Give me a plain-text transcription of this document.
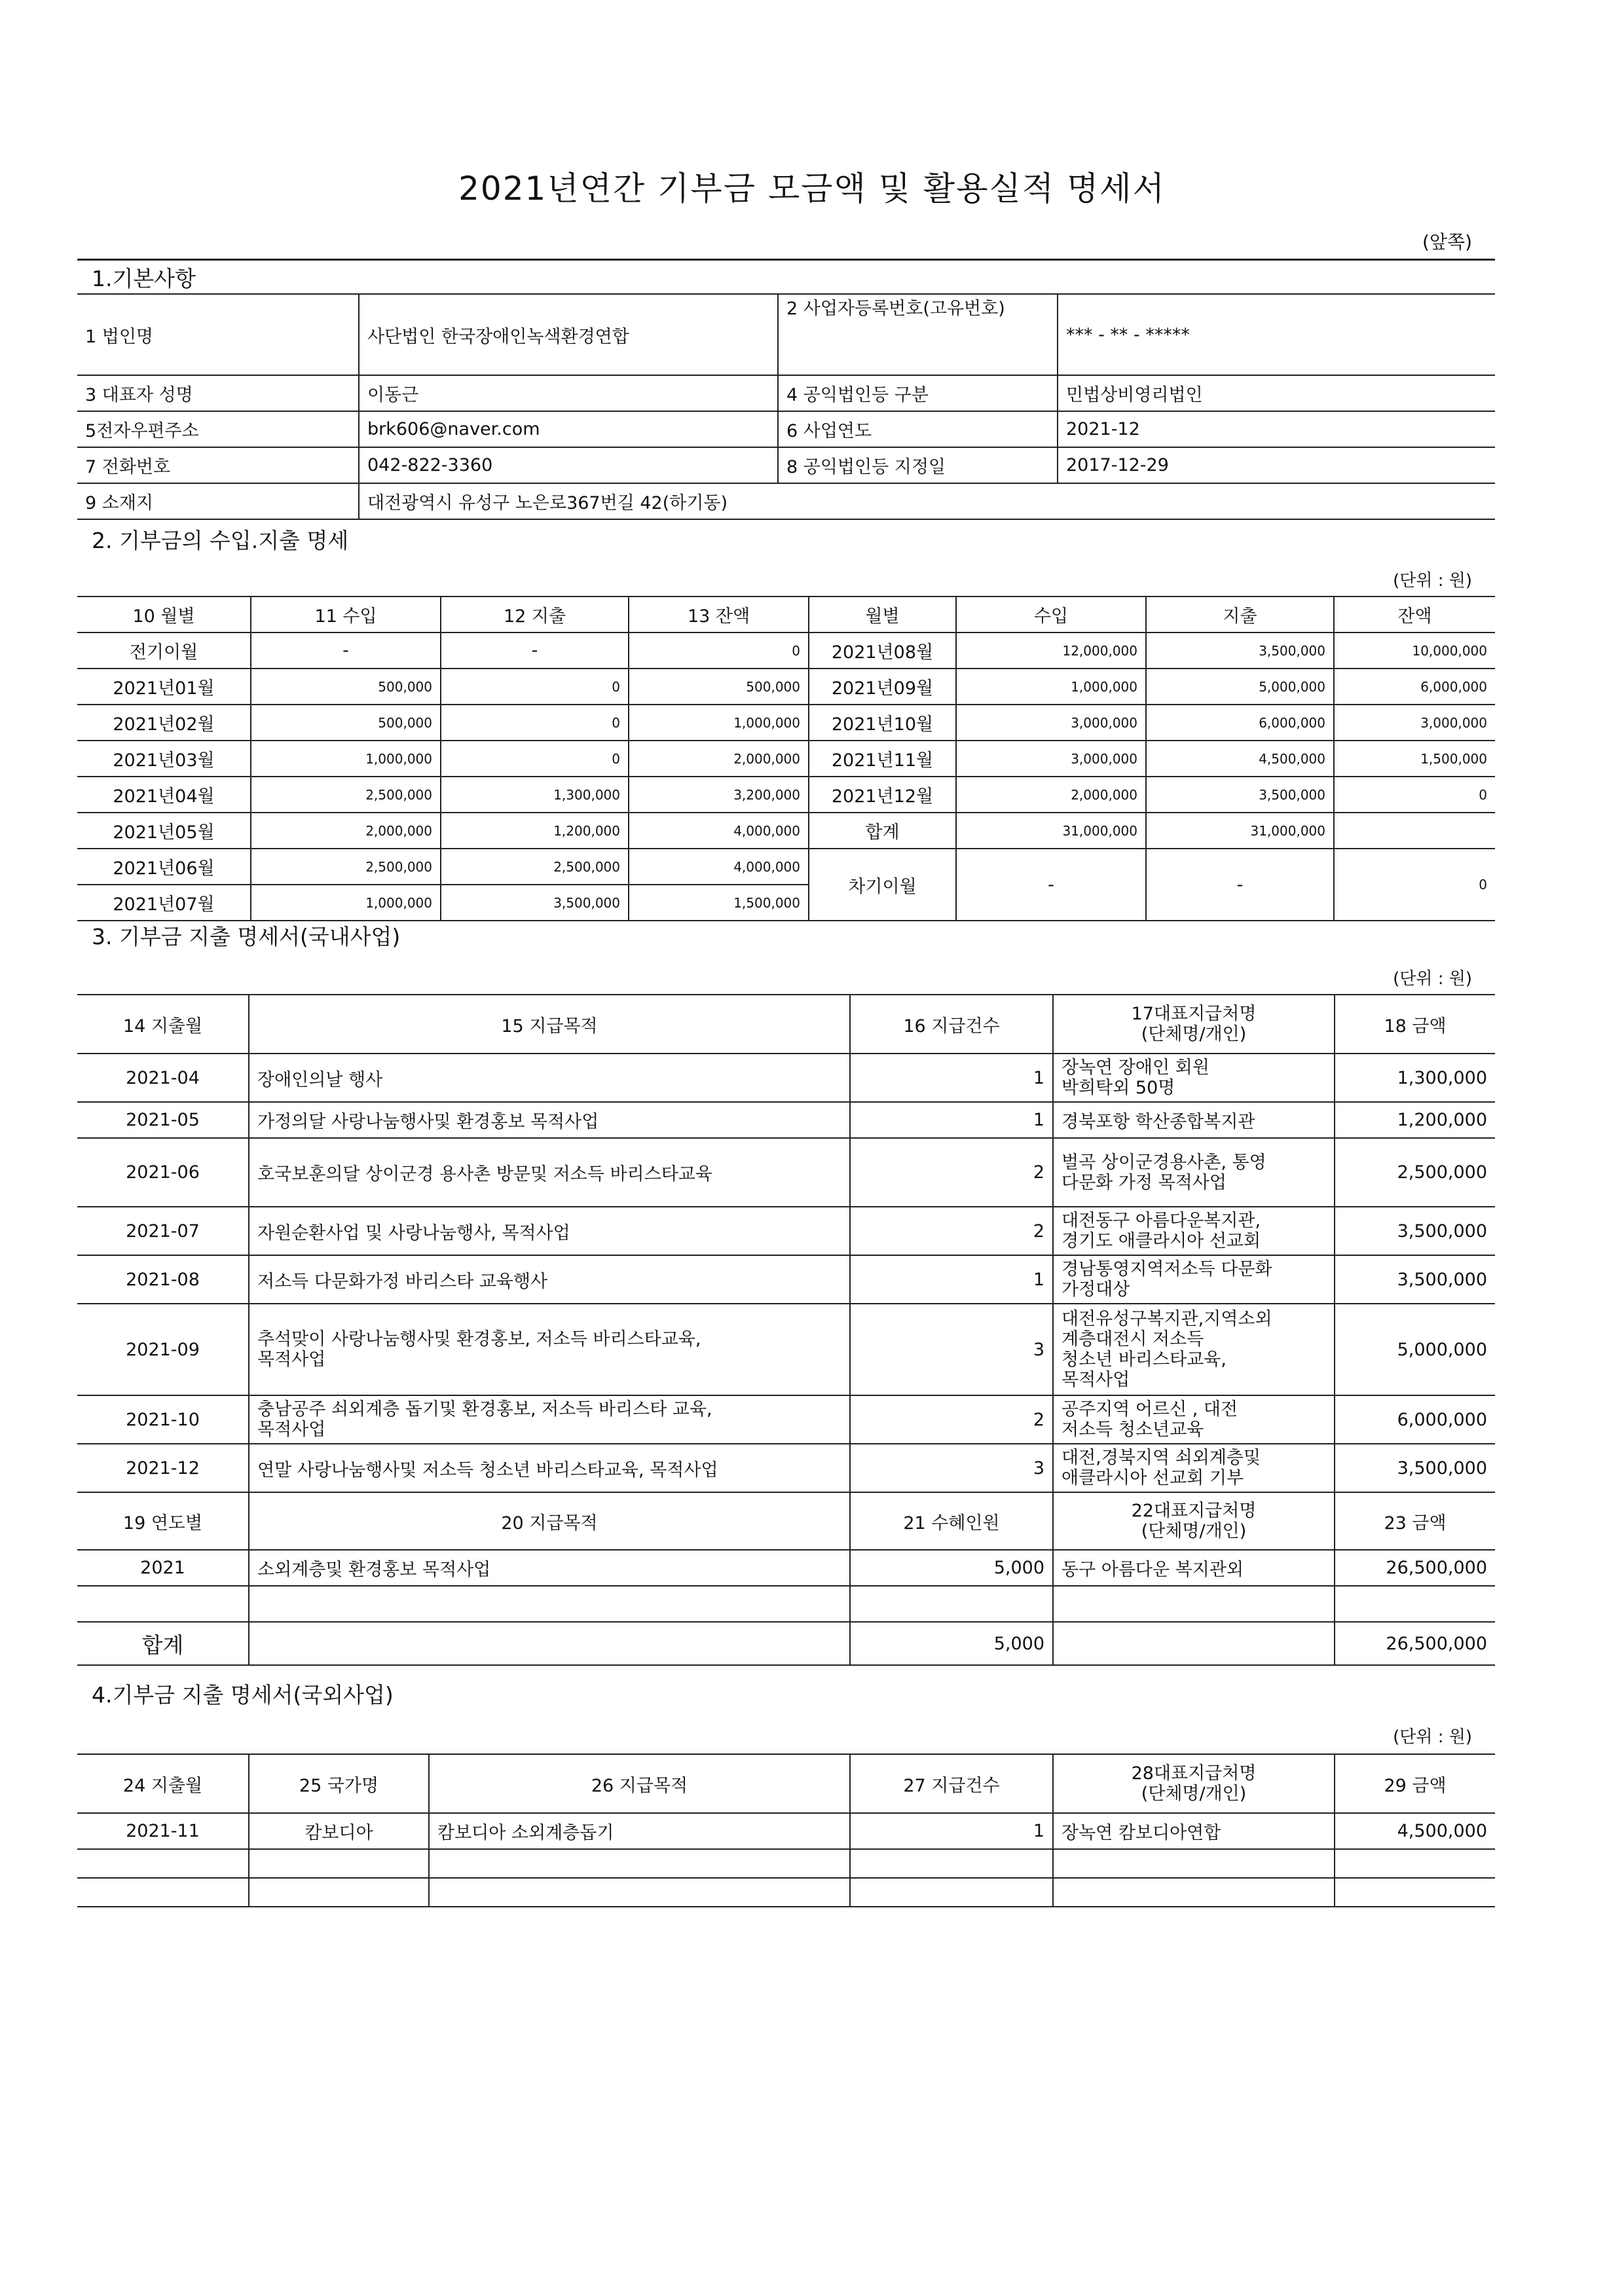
2021년연간 기부금 모금액 및 활용실적 명세서
(앞쪽)
1.기본사항
1 법인명	사단법인 한국장애인녹색환경연합	2 사업자등록번호(고유번호)	*** - ** - *****
3 대표자 성명	이동근	4 공익법인등 구분	민법상비영리법인
5전자우편주소	brk606@naver.com	6 사업연도	2021-12
7 전화번호	042-822-3360	8 공익법인등 지정일	2017-12-29
9 소재지	대전광역시 유성구 노은로367번길 42(하기동)		
2. 기부금의 수입.지출 명세
(단위 : 원)
10 월별	11 수입	12 지출	13 잔액	월별	수입	지출	잔액
전기이월	-	-	0	2021년08월	12,000,000	3,500,000	10,000,000
2021년01월	500,000	0	500,000	2021년09월	1,000,000	5,000,000	6,000,000
2021년02월	500,000	0	1,000,000	2021년10월	3,000,000	6,000,000	3,000,000
2021년03월	1,000,000	0	2,000,000	2021년11월	3,000,000	4,500,000	1,500,000
2021년04월	2,500,000	1,300,000	3,200,000	2021년12월	2,000,000	3,500,000	0
2021년05월	2,000,000	1,200,000	4,000,000	합계	31,000,000	31,000,000	
2021년06월	2,500,000	2,500,000	4,000,000	차기이월	-	-	0
2021년07월	1,000,000	3,500,000	1,500,000				
3. 기부금 지출 명세서(국내사업)
(단위 : 원)
14 지출월	15 지급목적	16 지급건수	17대표지급처명
(단체명/개인)	18 금액
2021-04	장애인의날 행사	1	장녹연 장애인 회원
박희탁외 50명	1,300,000
2021-05	가정의달 사랑나눔행사및 환경홍보 목적사업	1	경북포항 학산종합복지관	1,200,000
2021-06	호국보훈의달 상이군경 용사촌 방문및 저소득 바리스타교육	2	벌곡 상이군경용사촌, 통영
다문화 가정 목적사업	2,500,000
2021-07	자원순환사업 및 사랑나눔행사, 목적사업	2	대전동구 아름다운복지관,
경기도 애클라시아 선교회	3,500,000
2021-08	저소득 다문화가정 바리스타 교육행사	1	경남통영지역저소득 다문화
가정대상	3,500,000
2021-09	추석맞이 사랑나눔행사및 환경홍보, 저소득 바리스타교육,
목적사업	3	대전유성구복지관,지역소외
계층대전시 저소득
청소년 바리스타교육,
목적사업	5,000,000
2021-10	충남공주 쇠외계층 돕기및 환경홍보, 저소득 바리스타 교육,
목적사업	2	공주지역 어르신 , 대전
저소득 청소년교육	6,000,000
2021-12	연말 사랑나눔행사및 저소득 청소년 바리스타교육, 목적사업	3	대전,경북지역 쇠외계층및
애클라시아 선교회 기부	3,500,000
19 연도별	20 지급목적	21 수혜인원	22대표지급처명
(단체명/개인)	23 금액
2021	소외계층및 환경홍보 목적사업	5,000	동구 아름다운 복지관외	26,500,000

합계		5,000		26,500,000
4.기부금 지출 명세서(국외사업)
(단위 : 원)
24 지출월	25 국가명	26 지급목적	27 지급건수	28대표지급처명
(단체명/개인)	29 금액
2021-11	캄보디아	캄보디아 소외계층돕기	1	장녹연 캄보디아연합	4,500,000
